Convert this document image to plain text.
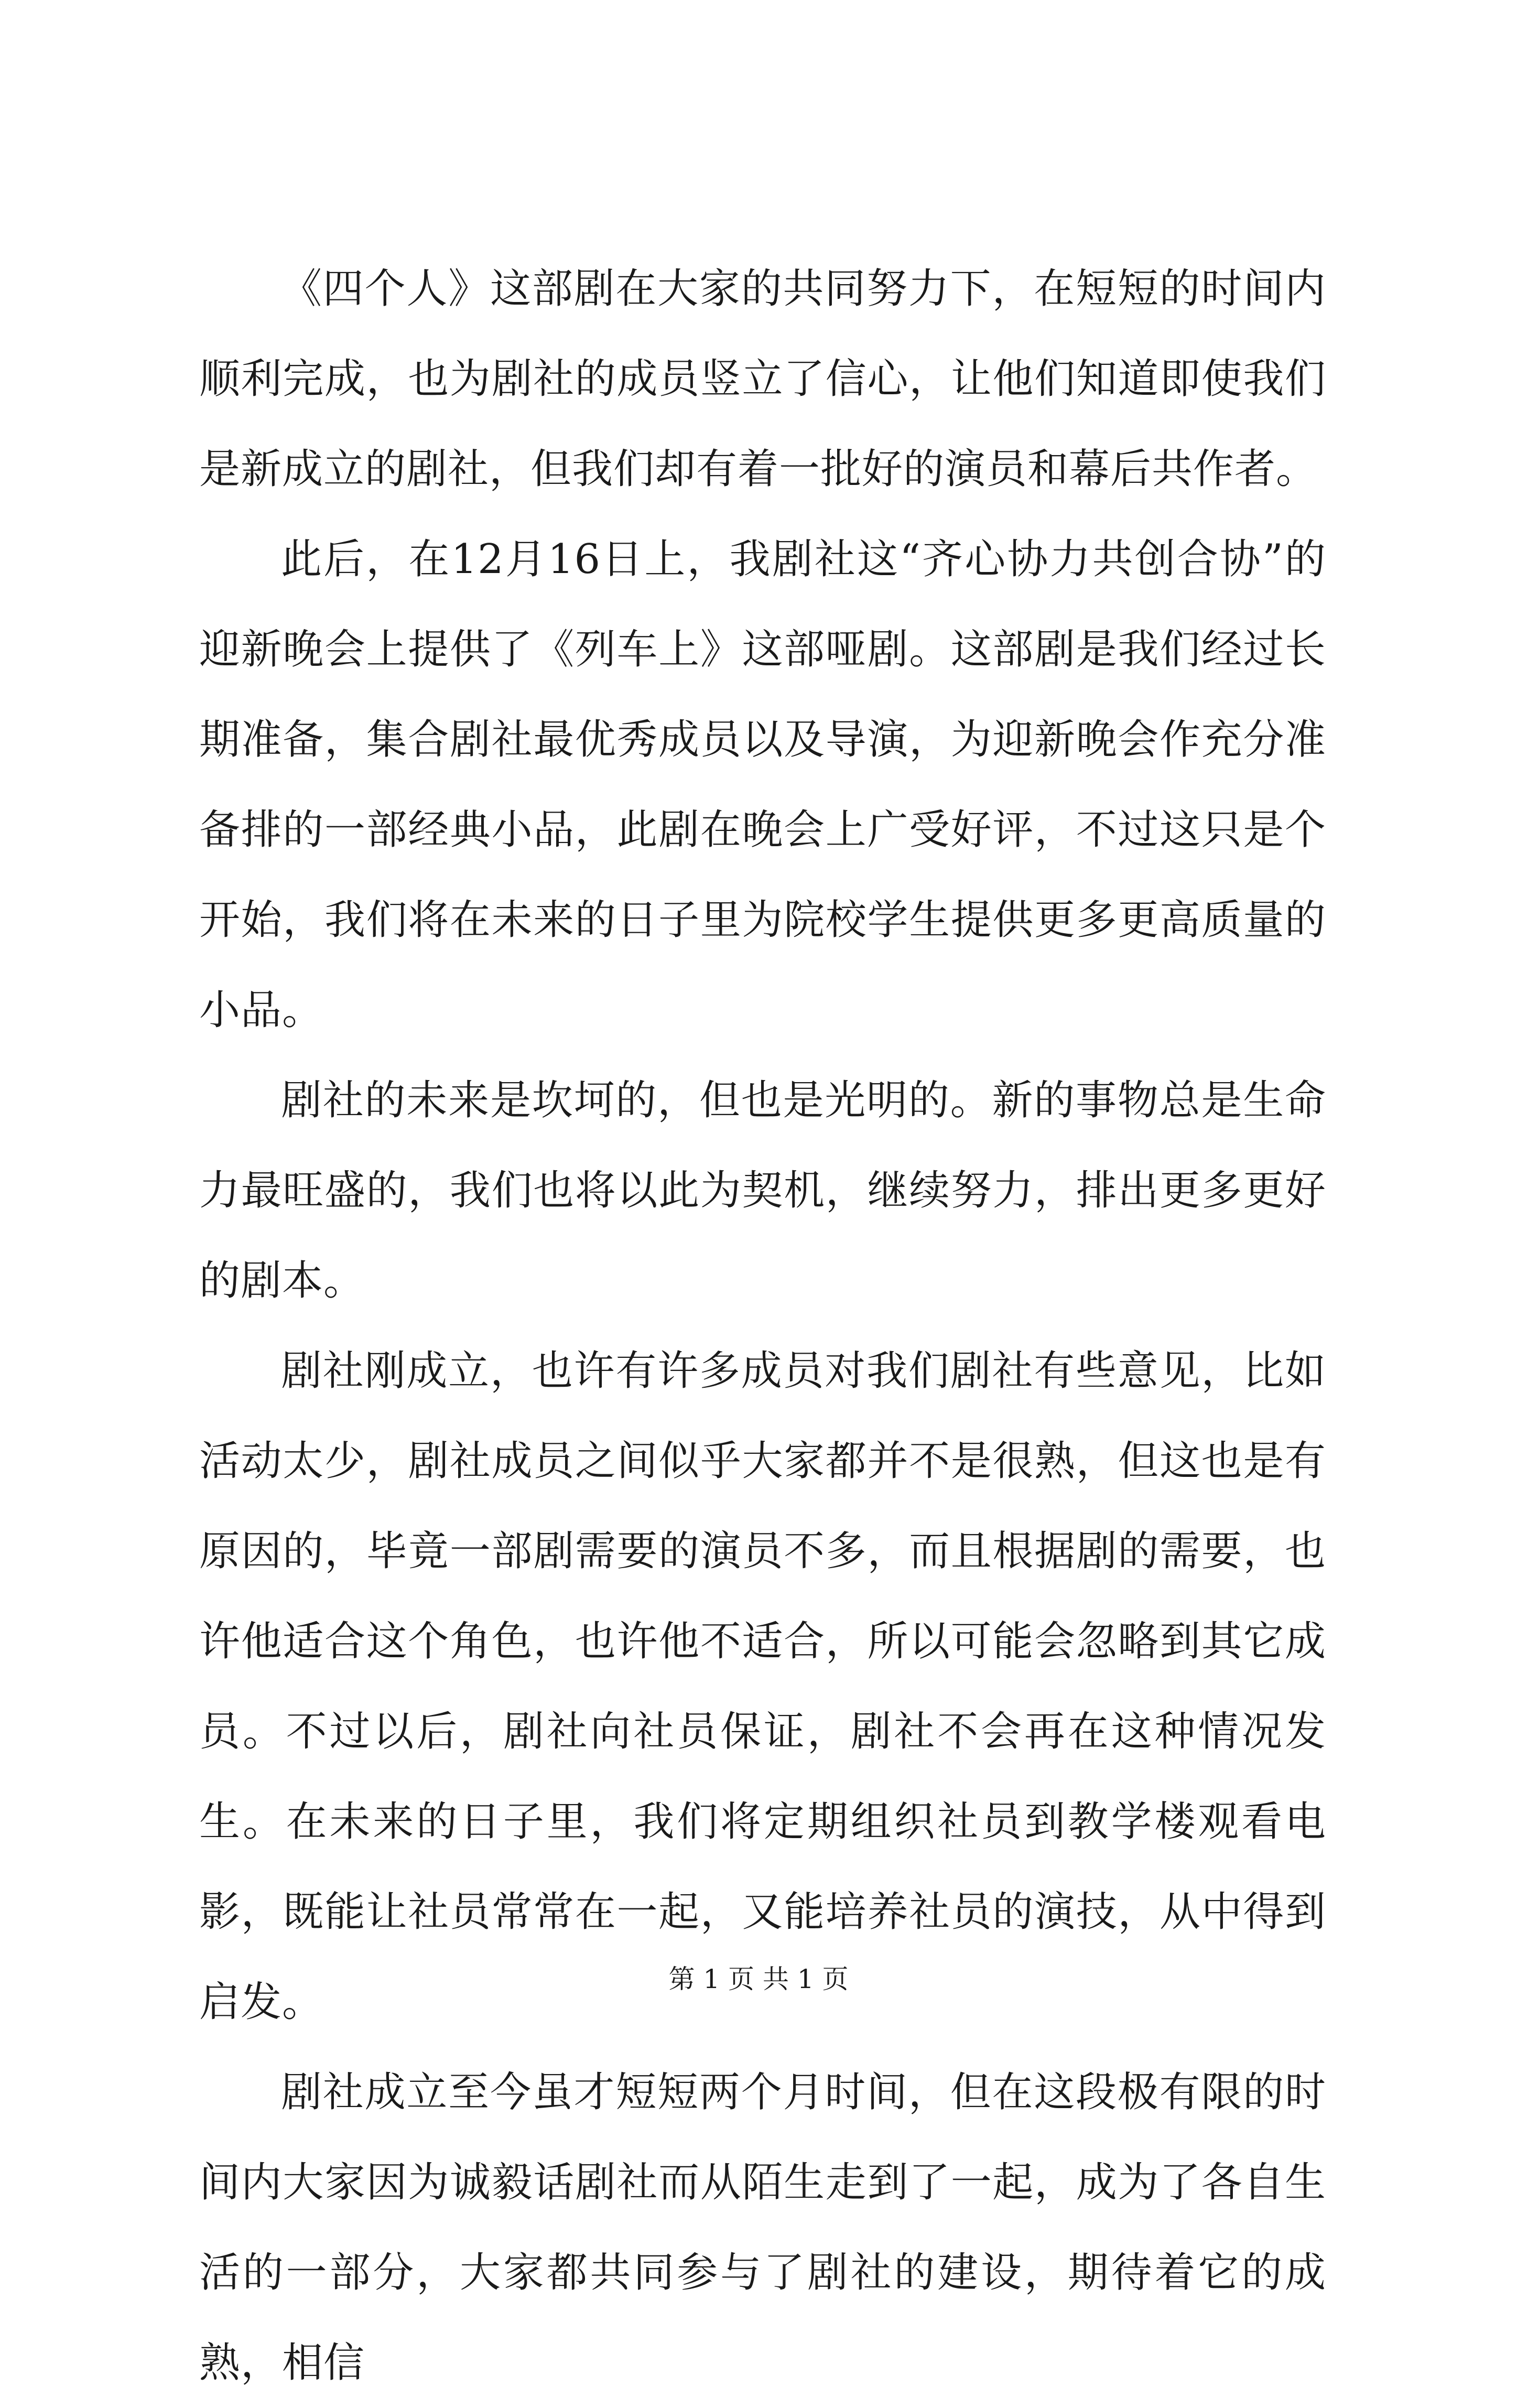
《四个人》这部剧在大家的共同努力下，在短短的时间内顺利完成，也为剧社的成员竖立了信心，让他们知道即使我们是新成立的剧社，但我们却有着一批好的演员和幕后共作者。

此后，在12月16日上，我剧社这“齐心协力共创合协”的迎新晚会上提供了《列车上》这部哑剧。这部剧是我们经过长期准备，集合剧社最优秀成员以及导演，为迎新晚会作充分准备排的一部经典小品，此剧在晚会上广受好评，不过这只是个开始，我们将在未来的日子里为院校学生提供更多更高质量的小品。

剧社的未来是坎坷的，但也是光明的。新的事物总是生命力最旺盛的，我们也将以此为契机，继续努力，排出更多更好的剧本。

剧社刚成立，也许有许多成员对我们剧社有些意见，比如活动太少，剧社成员之间似乎大家都并不是很熟，但这也是有原因的，毕竟一部剧需要的演员不多，而且根据剧的需要，也许他适合这个角色，也许他不适合，所以可能会忽略到其它成员。不过以后，剧社向社员保证，剧社不会再在这种情况发生。在未来的日子里，我们将定期组织社员到教学楼观看电影，既能让社员常常在一起，又能培养社员的演技，从中得到启发。

剧社成立至今虽才短短两个月时间，但在这段极有限的时间内大家因为诚毅话剧社而从陌生走到了一起，成为了各自生活的一部分，大家都共同参与了剧社的建设，期待着它的成熟，相信

第 1 页 共 1 页
